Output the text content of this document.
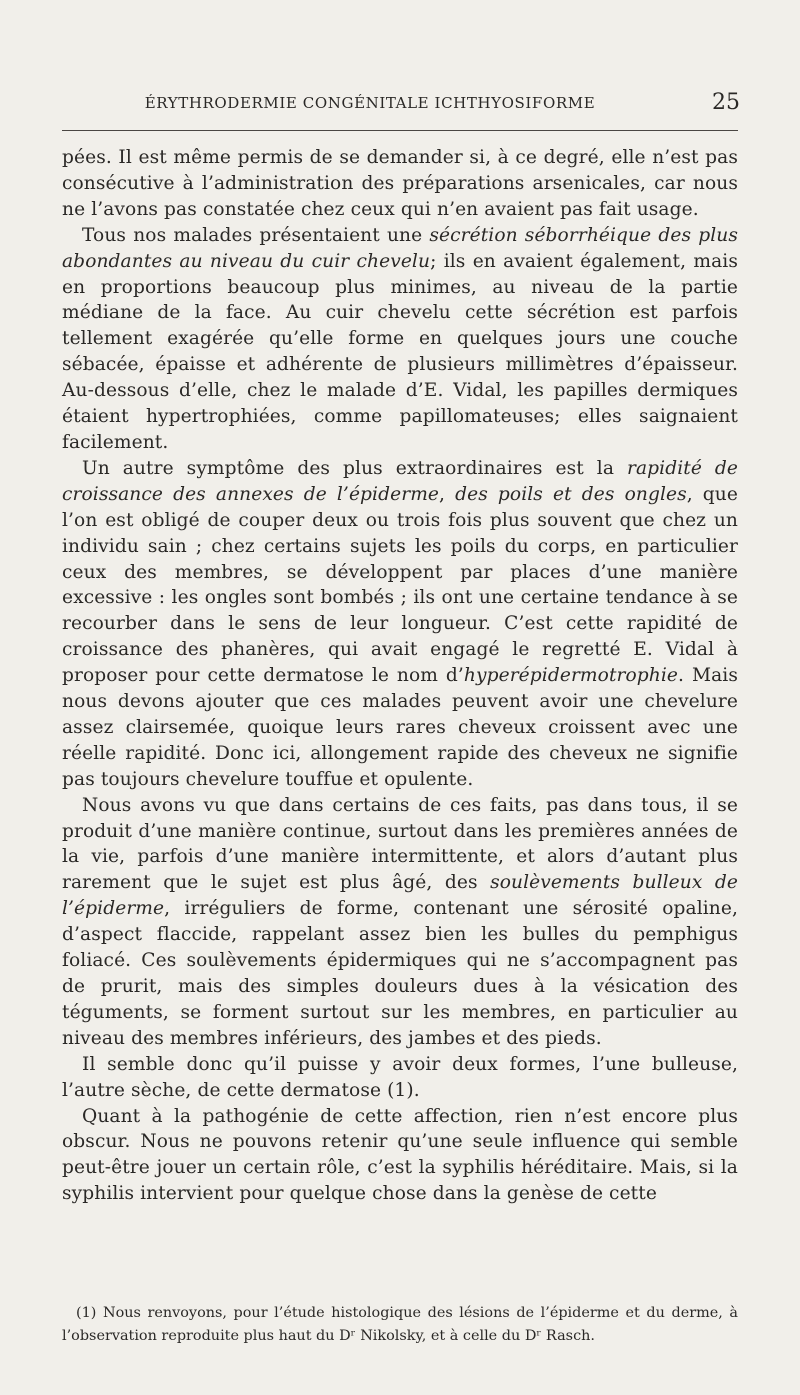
ÉRYTHRODERMIE CONGÉNITALE ICHTHYOSIFORME	25

pées. Il est même permis de se demander si, à ce degré, elle n’est pas consécutive à l’administration des préparations arsenicales, car nous ne l’avons pas constatée chez ceux qui n’en avaient pas fait usage.

Tous nos malades présentaient une sécrétion séborrhéique des plus abondantes au niveau du cuir chevelu; ils en avaient également, mais en proportions beaucoup plus minimes, au niveau de la partie médiane de la face. Au cuir chevelu cette sécrétion est parfois tellement exagérée qu’elle forme en quelques jours une couche sébacée, épaisse et adhérente de plusieurs millimètres d’épaisseur. Au-dessous d’elle, chez le malade d’E. Vidal, les papilles dermiques étaient hypertrophiées, comme papillomateuses; elles saignaient facilement.

Un autre symptôme des plus extraordinaires est la rapidité de croissance des annexes de l’épiderme, des poils et des ongles, que l’on est obligé de couper deux ou trois fois plus souvent que chez un individu sain ; chez certains sujets les poils du corps, en particulier ceux des membres, se développent par places d’une manière excessive : les ongles sont bombés ; ils ont une certaine tendance à se recourber dans le sens de leur longueur. C’est cette rapidité de croissance des phanères, qui avait engagé le regretté E. Vidal à proposer pour cette dermatose le nom d’hyperépidermotrophie. Mais nous devons ajouter que ces malades peuvent avoir une chevelure assez clairsemée, quoique leurs rares cheveux croissent avec une réelle rapidité. Donc ici, allongement rapide des cheveux ne signifie pas toujours chevelure touffue et opulente.

Nous avons vu que dans certains de ces faits, pas dans tous, il se produit d’une manière continue, surtout dans les premières années de la vie, parfois d’une manière intermittente, et alors d’autant plus rarement que le sujet est plus âgé, des soulèvements bulleux de l’épiderme, irréguliers de forme, contenant une sérosité opaline, d’aspect flaccide, rappelant assez bien les bulles du pemphigus foliacé. Ces soulèvements épidermiques qui ne s’accompagnent pas de prurit, mais des simples douleurs dues à la vésication des téguments, se forment surtout sur les membres, en particulier au niveau des membres inférieurs, des jambes et des pieds.

Il semble donc qu’il puisse y avoir deux formes, l’une bulleuse, l’autre sèche, de cette dermatose (1).

Quant à la pathogénie de cette affection, rien n’est encore plus obscur. Nous ne pouvons retenir qu’une seule influence qui semble peut-être jouer un certain rôle, c’est la syphilis héréditaire. Mais, si la syphilis intervient pour quelque chose dans la genèse de cette

(1) Nous renvoyons, pour l’étude histologique des lésions de l’épiderme et du derme, à l’observation reproduite plus haut du Dʳ Nikolsky, et à celle du Dʳ Rasch.
